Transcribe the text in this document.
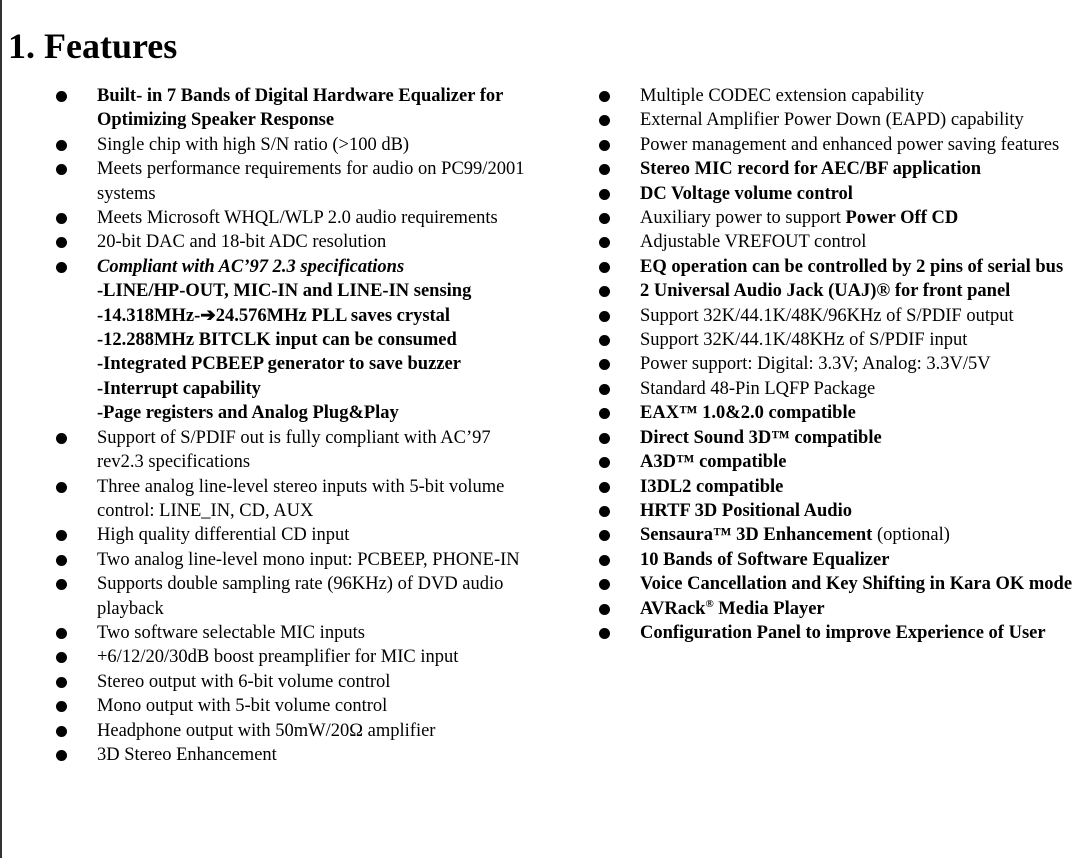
1. Features
Built- in 7 Bands of Digital Hardware Equalizer for Optimizing Speaker Response
Single chip with high S/N ratio (>100 dB)
Meets performance requirements for audio on PC99/2001 systems
Meets Microsoft WHQL/WLP 2.0 audio requirements
20-bit DAC and 18-bit ADC resolution
Compliant with AC’97 2.3 specifications
-LINE/HP-OUT, MIC-IN and LINE-IN sensing
-14.318MHz-➔24.576MHz PLL saves crystal
-12.288MHz BITCLK input can be consumed
-Integrated PCBEEP generator to save buzzer
-Interrupt capability
-Page registers and Analog Plug&Play
Support of S/PDIF out is fully compliant with AC’97 rev2.3 specifications
Three analog line-level stereo inputs with 5-bit volume control: LINE_IN, CD, AUX
High quality differential CD input
Two analog line-level mono input: PCBEEP, PHONE-IN
Supports double sampling rate (96KHz) of DVD audio playback
Two software selectable MIC inputs
+6/12/20/30dB boost preamplifier for MIC input
Stereo output with 6-bit volume control
Mono output with 5-bit volume control
Headphone output with 50mW/20Ω amplifier
3D Stereo Enhancement
Multiple CODEC extension capability
External Amplifier Power Down (EAPD) capability
Power management and enhanced power saving features
Stereo MIC record for AEC/BF application
DC Voltage volume control
Auxiliary power to support Power Off CD
Adjustable VREFOUT control
EQ operation can be controlled by 2 pins of serial bus
2 Universal Audio Jack (UAJ)® for front panel
Support 32K/44.1K/48K/96KHz of S/PDIF output
Support 32K/44.1K/48KHz of S/PDIF input
Power support: Digital: 3.3V; Analog: 3.3V/5V
Standard 48-Pin LQFP Package
EAX™ 1.0&2.0 compatible
Direct Sound 3D™ compatible
A3D™ compatible
I3DL2 compatible
HRTF 3D Positional Audio
Sensaura™ 3D Enhancement (optional)
10 Bands of Software Equalizer
Voice Cancellation and Key Shifting in Kara OK mode
AVRack® Media Player
Configuration Panel to improve Experience of User
